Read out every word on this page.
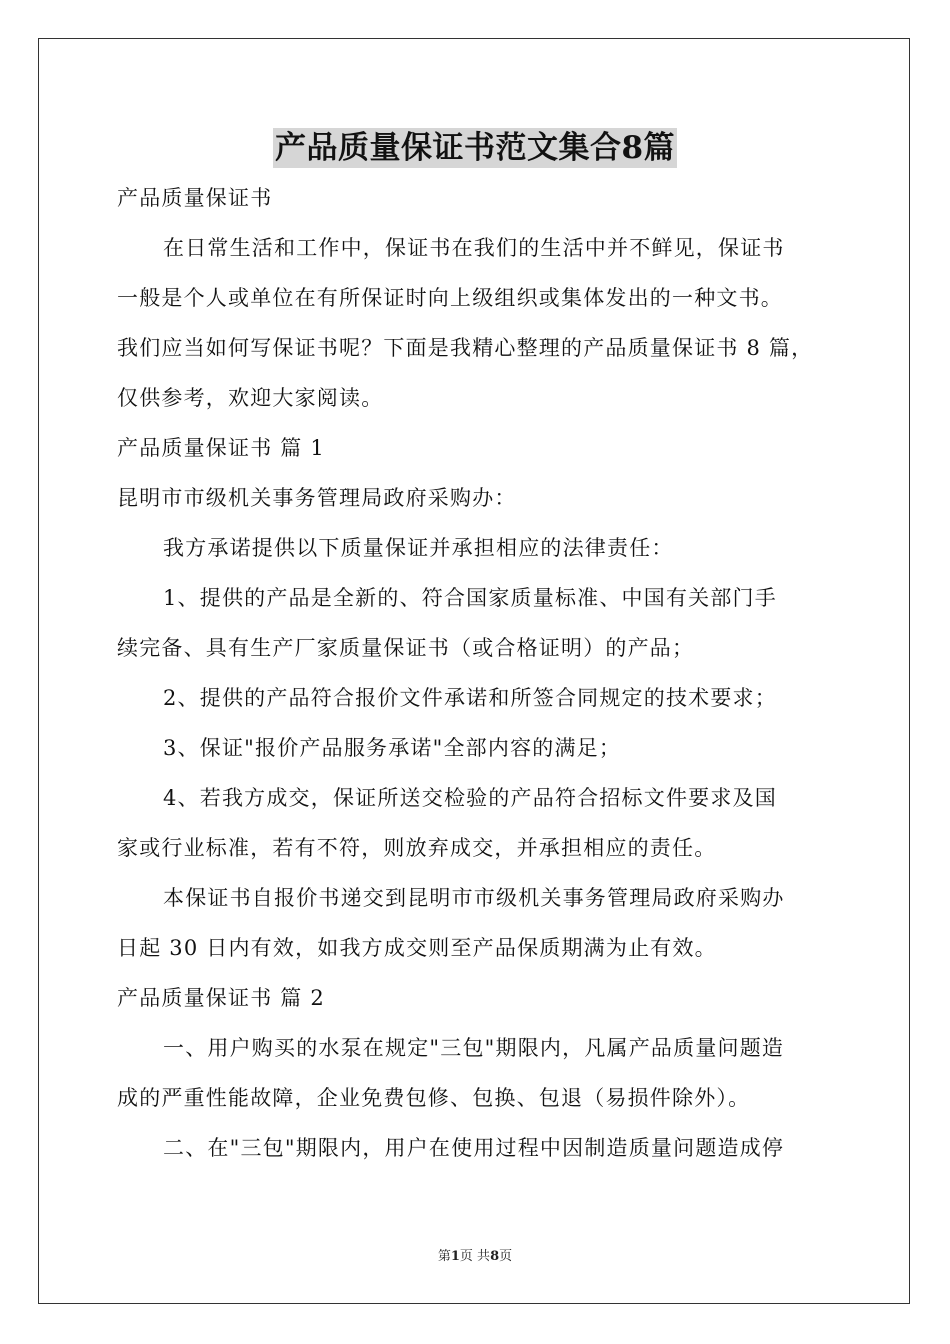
产品质量保证书范文集合8篇
产品质量保证书
在日常生活和工作中，保证书在我们的生活中并不鲜见，保证书
一般是个人或单位在有所保证时向上级组织或集体发出的一种文书。
我们应当如何写保证书呢？下面是我精心整理的产品质量保证书 8 篇，
仅供参考，欢迎大家阅读。
产品质量保证书 篇 1
昆明市市级机关事务管理局政府采购办：
我方承诺提供以下质量保证并承担相应的法律责任：
1、提供的产品是全新的、符合国家质量标准、中国有关部门手
续完备、具有生产厂家质量保证书（或合格证明）的产品；
2、提供的产品符合报价文件承诺和所签合同规定的技术要求；
3、保证"报价产品服务承诺"全部内容的满足；
4、若我方成交，保证所送交检验的产品符合招标文件要求及国
家或行业标准，若有不符，则放弃成交，并承担相应的责任。
本保证书自报价书递交到昆明市市级机关事务管理局政府采购办
日起 30 日内有效，如我方成交则至产品保质期满为止有效。
产品质量保证书 篇 2
一、用户购买的水泵在规定"三包"期限内，凡属产品质量问题造
成的严重性能故障，企业免费包修、包换、包退（易损件除外）。
二、在"三包"期限内，用户在使用过程中因制造质量问题造成停
第1页 共8页
